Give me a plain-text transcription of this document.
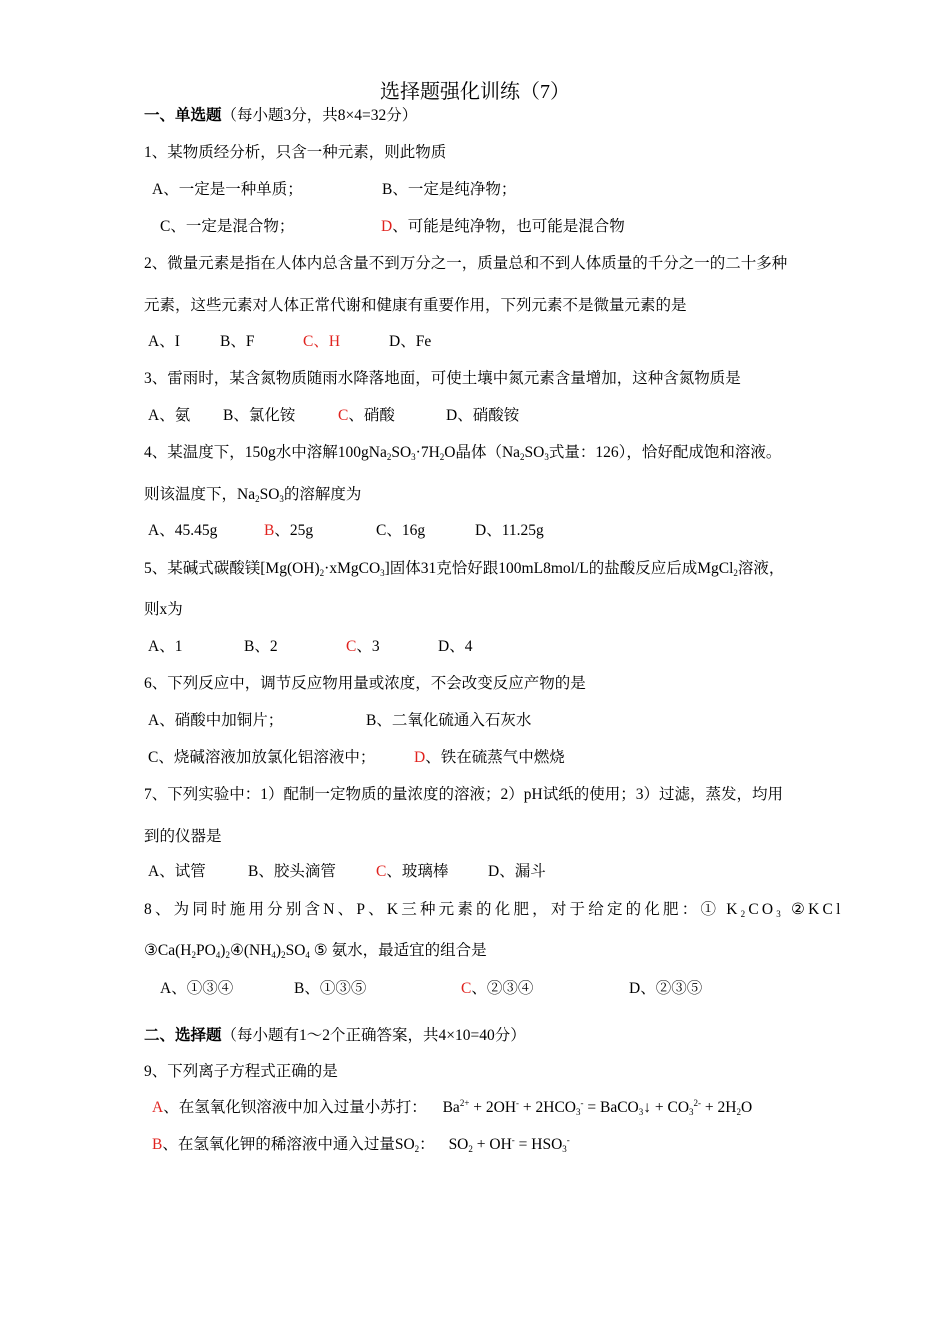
选择题强化训练（7）
一、单选题（每小题3分，共8×4=32分）
1、某物质经分析，只含一种元素，则此物质
A、一定是一种单质；	B、一定是纯净物；
C、一定是混合物；	D、可能是纯净物，也可能是混合物
2、微量元素是指在人体内总含量不到万分之一，质量总和不到人体质量的千分之一的二十多种
元素，这些元素对人体正常代谢和健康有重要作用，下列元素不是微量元素的是
A、I	B、F	C、H	D、Fe
3、雷雨时，某含氮物质随雨水降落地面，可使土壤中氮元素含量增加，这种含氮物质是
A、氨 B、氯化铵	C、硝酸	D、硝酸铵
4、某温度下，150g水中溶解$100gNa_2SO_3\cdot 7H_2O$晶体（$Na_2SO_3$式量：126），恰好配成饱和溶液。
则该温度下，$Na_2SO_3$的溶解度为
A、45.45g	B、25g	C、16g	D、11.25g
5、某碱式碳酸镁$[Mg(OH)_2\cdot xMgCO_3]$固体31克恰好跟100mL8mol/L的盐酸反应后成MgCl$_2$溶液，
则x为
A、1	B、2	C、3	D、4
6、下列反应中，调节反应物用量或浓度，不会改变反应产物的是
A、硝酸中加铜片；	B、二氧化硫通入石灰水
C、烧碱溶液加放氯化铝溶液中； D、铁在硫蒸气中燃烧
7、下列实验中：1）配制一定物质的量浓度的溶液；2）pH试纸的使用；3）过滤，蒸发，均用
到的仪器是
A、试管	B、胶头滴管	C、玻璃棒	D、漏斗
8、为同时施用分别含N、P、K三种元素的化肥，对于给定的化肥：① $K_2CO_3$ ②KCl
$③Ca(H_2PO_4)_2④(NH_4)_2SO_4$ ⑤ 氨水，最适宜的组合是
A、①③④	B、①③⑤	C、②③④	D、②③⑤
二、选择题（每小题有1～2个正确答案，共4×10=40分）
9、下列离子方程式正确的是
A、在氢氧化钡溶液中加入过量小苏打： $Ba^{2+} + 2OH^- + 2HCO_3^-$ = BaCO$_3$↓ + $CO_3^{2-} + 2H_2O$
B、在氢氧化钾的稀溶液中通入过量$SO_2$： $SO_2 + OH^- = HSO_3^-$
